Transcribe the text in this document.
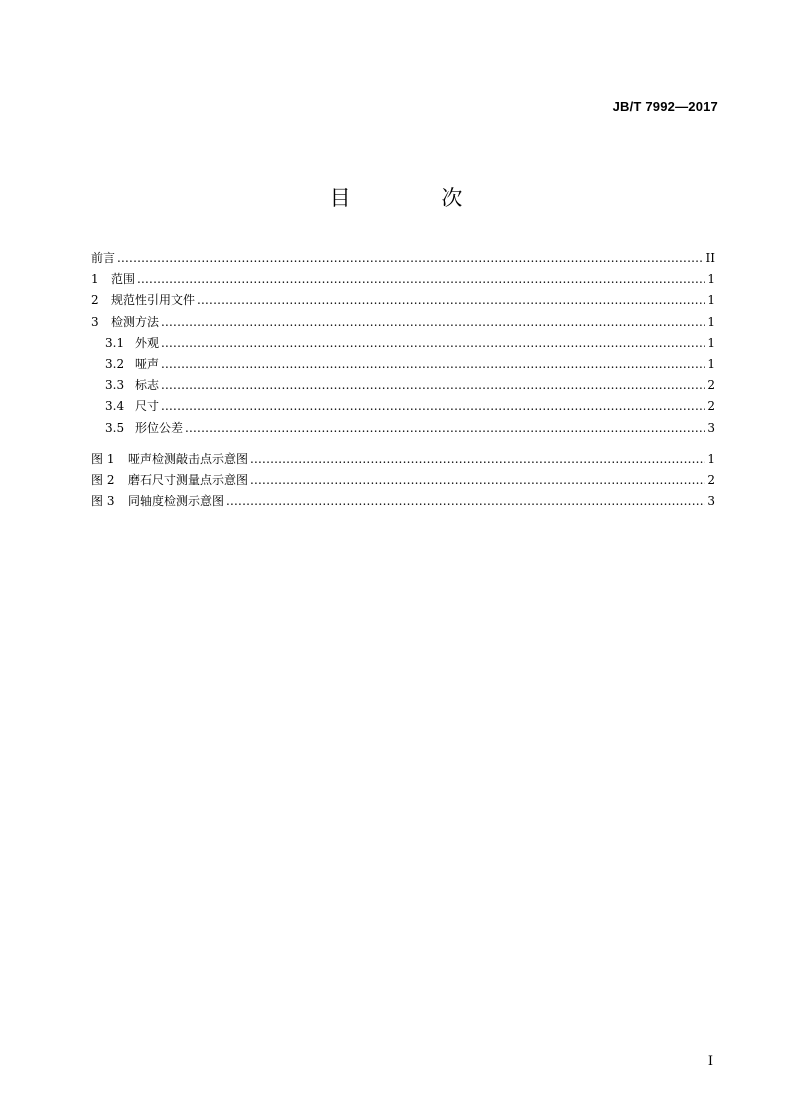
JB/T 7992—2017
目 次
前言 .....	II
1	范围 .....	1
2	规范性引用文件 .....	1
3	检测方法 .....	1
3.1 外观 .....	1
3.2 哑声 .....	1
3.3 标志 .....	2
3.4 尺寸 .....	2
3.5 形位公差 .....	3
图 1	哑声检测敲击点示意图 .....	1
图 2	磨石尺寸测量点示意图 .....	2
图 3	同轴度检测示意图 .....	3
I
